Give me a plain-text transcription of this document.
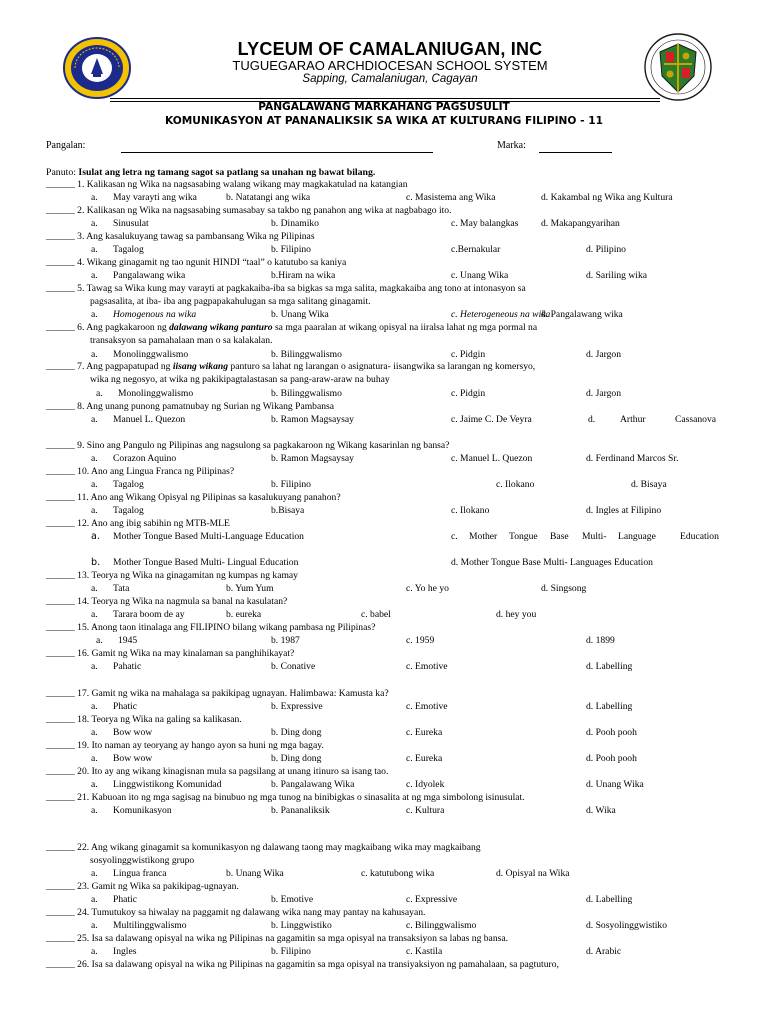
LYCEUM OF CAMALANIUGAN, INC
TUGUEGARAO ARCHDIOCESAN SCHOOL SYSTEM
Sapping, Camalaniugan, Cagayan
PANGALAWANG MARKAHANG PAGSUSULIT
KOMUNIKASYON AT PANANALIKSIK SA WIKA AT KULTURANG FILIPINO - 11
Pangalan:	Marka:
Panuto: Isulat ang letra ng tamang sagot sa patlang sa unahan ng bawat bilang.
______ 1. Kalikasan ng Wika na nagsasabing walang wikang may magkakatulad na katangian
a. May varayti ang wika	b. Natatangi ang wika	c. Masistema ang Wika	d. Kakambal ng Wika ang Kultura
______ 2. Kalikasan ng Wika na nagsasabing sumasabay sa takbo ng panahon ang wika at nagbabago ito.
a. Sinusulat	b. Dinamiko	c. May balangkas d. Makapangyarihan
______ 3. Ang kasalukuyang tawag sa pambansang Wika ng Pilipinas
a. Tagalog	b. Filipino	c.Bernakular	d. Pilipino
______ 4. Wikang ginagamit ng tao ngunit HINDI “taal” o katutubo sa kaniya
a. Pangalawang wika	b.Hiram na wika	c. Unang Wika	d. Sariling wika
______ 5. Tawag sa Wika kung may varayti at pagkakaiba-iba sa bigkas sa mga salita, magkakaiba ang tono at intonasyon sa
pagsasalita, at iba- iba ang pagpapakahulugan sa mga salitang ginagamit.
a. Homogenous na wika	b. Unang Wika	c. Heterogeneous na wika
d. Pangalawang wika
______ 6. Ang pagkakaroon ng dalawang wikang panturo sa mga paaralan at wikang opisyal na iiralsa lahat ng mga pormal na
transaksyon sa pamahalaan man o sa kalakalan.
a. Monolinggwalismo	b. Bilinggwalismo	c. Pidgin	d. Jargon
______ 7. Ang pagpapatupad ng iisang wikang panturo sa lahat ng larangan o asignatura- iisangwika sa larangan ng komersyo,
wika ng negosyo, at wika ng pakikipagtalastasan sa pang-araw-araw na buhay
a. Monolinggwalismo	b. Bilinggwalismo	c. Pidgin	d. Jargon
______ 8. Ang unang punong pamatnubay ng Surian ng Wikang Pambansa
a. Manuel L. Quezon	b. Ramon Magsaysay	c. Jaime C. De Veyra	d.	Arthur	Cassanova
______ 9. Sino ang Pangulo ng Pilipinas ang nagsulong sa pagkakaroon ng Wikang kasarinlan ng bansa?
a. Corazon Aquino	b. Ramon Magsaysay	c. Manuel L. Quezon	d. Ferdinand Marcos Sr.
______ 10. Ano ang Lingua Franca ng Pilipinas?
a. Tagalog	b. Filipino	c. Ilokano	d. Bisaya
______ 11. Ano ang Wikang Opisyal ng Pilipinas sa kasalukuyang panahon?
a. Tagalog	b.Bisaya	c. Ilokano	d. Ingles at Filipino
______ 12. Ano ang ibig sabihin ng MTB-MLE
a. Mother Tongue Based Multi-Language Education	c. Mother Tongue Base Multi- Language	Education
b. Mother Tongue Based Multi- Lingual Education	d. Mother Tongue Base Multi- Languages Education
______ 13. Teorya ng Wika na ginagamitan ng kumpas ng kamay
a. Tata	b. Yum Yum	c. Yo he yo	d. Singsong
______ 14. Teorya ng Wika na nagmula sa banal na kasulatan?
a. Tarara boom de ay	b. eureka	c. babel	d. hey you
______ 15. Anong taon itinalaga ang FILIPINO bilang wikang pambasa ng Pilipinas?
a. 1945	b. 1987	c. 1959	d. 1899
______ 16. Gamit ng Wika na may kinalaman sa panghihikayat?
a. Pahatic	b. Conative	c. Emotive	d. Labelling
______ 17. Gamit ng wika na mahalaga sa pakikipag ugnayan. Halimbawa: Kamusta ka?
a. Phatic	b. Expressive	c. Emotive	d. Labelling
______ 18. Teorya ng Wika na galing sa kalikasan.
a. Bow wow	b. Ding dong	c. Eureka	d. Pooh pooh
______ 19. Ito naman ay teoryang ay hango ayon sa huni ng mga bagay.
a. Bow wow	b. Ding dong	c. Eureka	d. Pooh pooh
______ 20. Ito ay ang wikang kinagisnan mula sa pagsilang at unang itinuro sa isang tao.
a. Linggwistikong Komunidad	b. Pangalawang Wika	c. Idyolek	d. Unang Wika
______ 21. Kabuoan ito ng mga sagisag na binubuo ng mga tunog na binibigkas o sinasalita at ng mga simbolong isinusulat.
a. Komunikasyon	b. Pananaliksik	c. Kultura	d. Wika
______ 22. Ang wikang ginagamit sa komunikasyon ng dalawang taong may magkaibang wika may magkaibang
sosyolinggwistikong grupo
a. Lingua franca	b. Unang Wika	c. katutubong wika	d. Opisyal na Wika
______ 23. Gamit ng Wika sa pakikipag-ugnayan.
a. Phatic	b. Emotive	c. Expressive	d. Labelling
______ 24. Tumutukoy sa hiwalay na paggamit ng dalawang wika nang may pantay na kahusayan.
a. Multilinggwalismo	b. Linggwistiko	c. Bilinggwalismo	d. Sosyolinggwistiko
______ 25. Isa sa dalawang opisyal na wika ng Pilipinas na gagamitin sa mga opisyal na transaksiyon sa labas ng bansa.
a. Ingles	b. Filipino	c. Kastila	d. Arabic
______ 26. Isa sa dalawang opisyal na wika ng Pilipinas na gagamitin sa mga opisyal na transiyaksiyon ng pamahalaan, sa pagtuturo,
